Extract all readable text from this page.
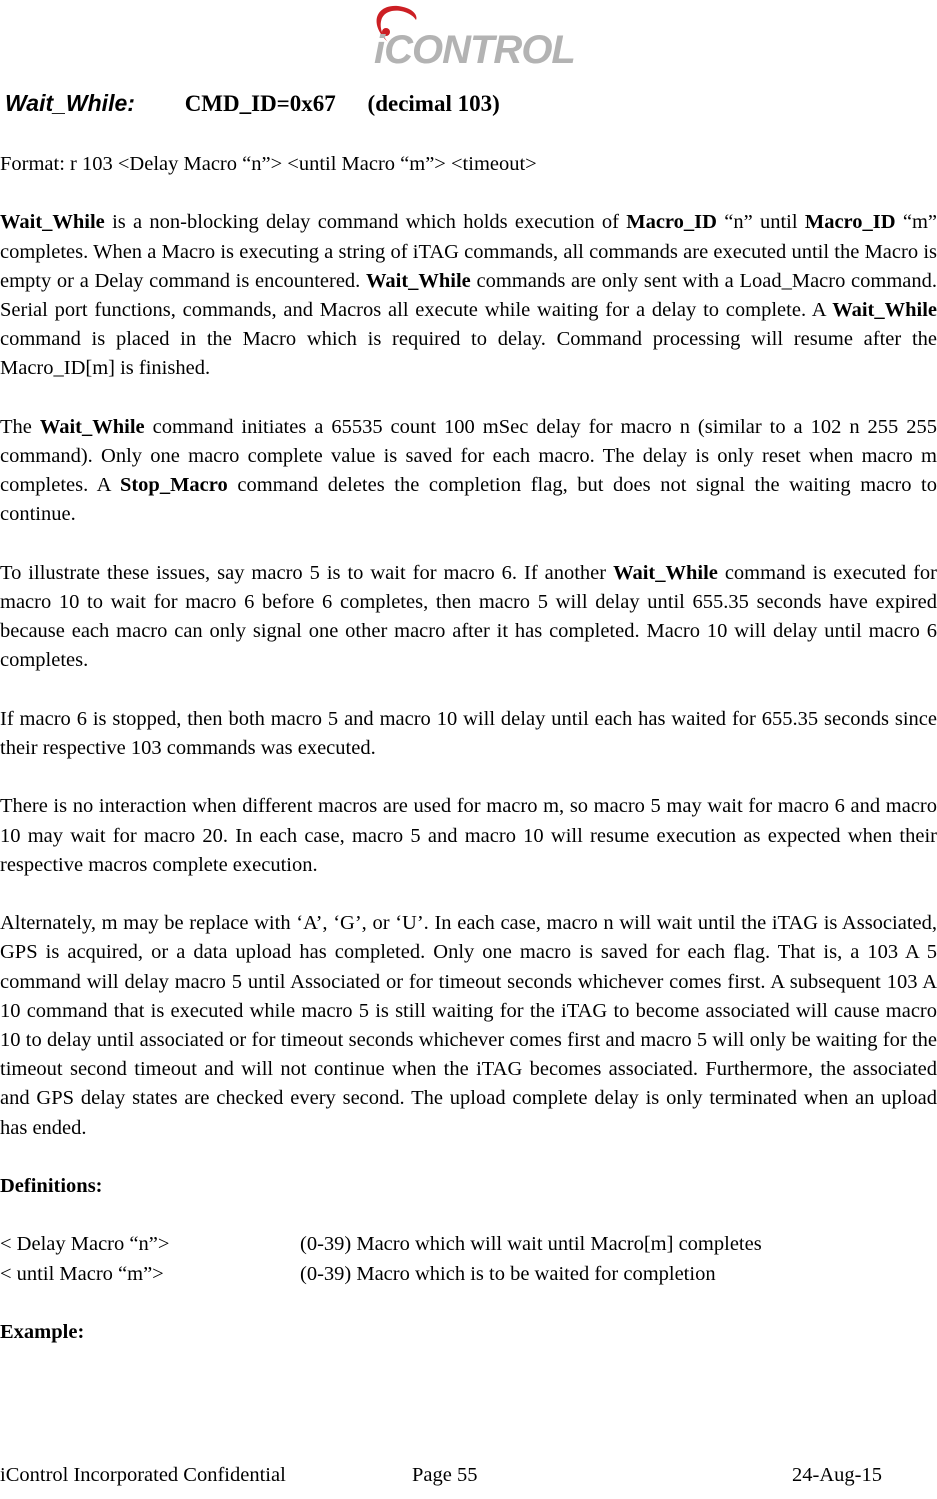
iCONTROL
Wait_While: CMD_ID=0x67 (decimal 103)

Format: r 103 <Delay Macro “n”> <until Macro “m”> <timeout>

Wait_While is a non-blocking delay command which holds execution of Macro_ID “n” until Macro_ID “m” completes. When a Macro is executing a string of iTAG commands, all commands are executed until the Macro is empty or a Delay command is encountered. Wait_While commands are only sent with a Load_Macro command. Serial port functions, commands, and Macros all execute while waiting for a delay to complete. A Wait_While command is placed in the Macro which is required to delay. Command processing will resume after the Macro_ID[m] is finished.

The Wait_While command initiates a 65535 count 100 mSec delay for macro n (similar to a 102 n 255 255 command). Only one macro complete value is saved for each macro. The delay is only reset when macro m completes. A Stop_Macro command deletes the completion flag, but does not signal the waiting macro to continue.

To illustrate these issues, say macro 5 is to wait for macro 6. If another Wait_While command is executed for macro 10 to wait for macro 6 before 6 completes, then macro 5 will delay until 655.35 seconds have expired because each macro can only signal one other macro after it has completed. Macro 10 will delay until macro 6 completes.

If macro 6 is stopped, then both macro 5 and macro 10 will delay until each has waited for 655.35 seconds since their respective 103 commands was executed.

There is no interaction when different macros are used for macro m, so macro 5 may wait for macro 6 and macro 10 may wait for macro 20. In each case, macro 5 and macro 10 will resume execution as expected when their respective macros complete execution.

Alternately, m may be replace with ‘A’, ‘G’, or ‘U’. In each case, macro n will wait until the iTAG is Associated, GPS is acquired, or a data upload has completed. Only one macro is saved for each flag. That is, a 103 A 5 command will delay macro 5 until Associated or for timeout seconds whichever comes first. A subsequent 103 A 10 command that is executed while macro 5 is still waiting for the iTAG to become associated will cause macro 10 to delay until associated or for timeout seconds whichever comes first and macro 5 will only be waiting for the timeout second timeout and will not continue when the iTAG becomes associated. Furthermore, the associated and GPS delay states are checked every second. The upload complete delay is only terminated when an upload has ended.

Definitions:

< Delay Macro “n”>	(0-39) Macro which will wait until Macro[m] completes
< until Macro “m”>	(0-39) Macro which is to be waited for completion

Example:

iControl Incorporated Confidential	Page 55	24-Aug-15
